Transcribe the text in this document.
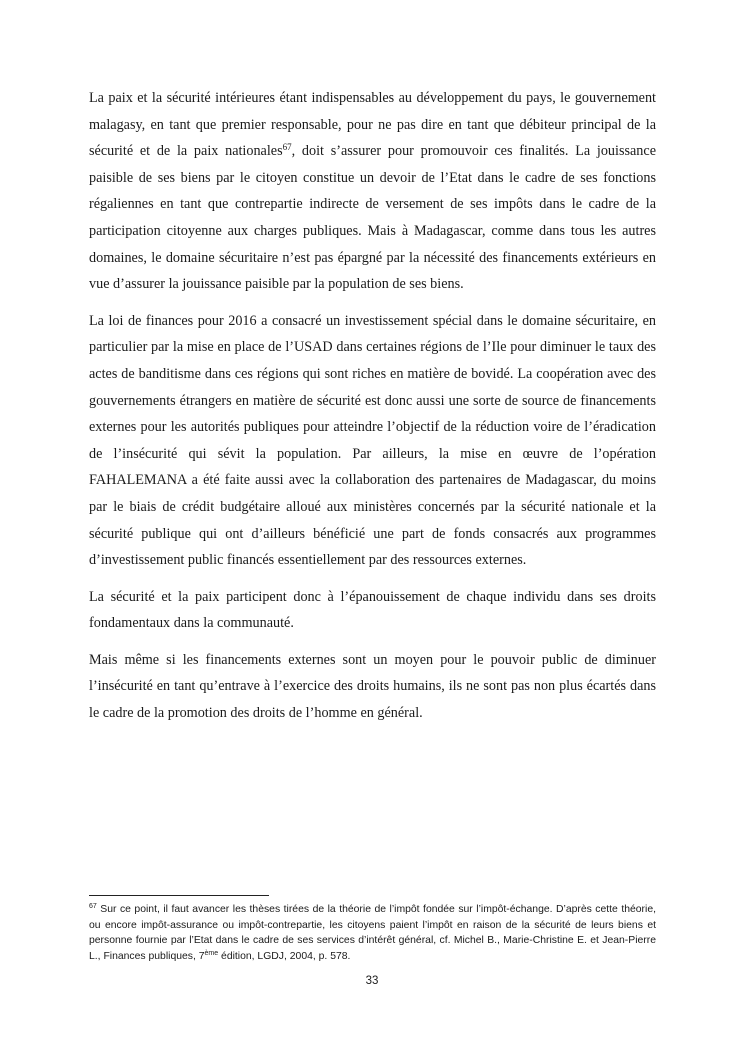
La paix et la sécurité intérieures étant indispensables au développement du pays, le gouvernement malagasy, en tant que premier responsable, pour ne pas dire en tant que débiteur principal de la sécurité et de la paix nationales$^{67}$, doit s’assurer pour promouvoir ces finalités. La jouissance paisible de ses biens par le citoyen constitue un devoir de l’Etat dans le cadre de ses fonctions régaliennes en tant que contrepartie indirecte de versement de ses impôts dans le cadre de la participation citoyenne aux charges publiques. Mais à Madagascar, comme dans tous les autres domaines, le domaine sécuritaire n’est pas épargné par la nécessité des financements extérieurs en vue d’assurer la jouissance paisible par la population de ses biens.

La loi de finances pour 2016 a consacré un investissement spécial dans le domaine sécuritaire, en particulier par la mise en place de l’USAD dans certaines régions de l’Ile pour diminuer le taux des actes de banditisme dans ces régions qui sont riches en matière de bovidé. La coopération avec des gouvernements étrangers en matière de sécurité est donc aussi une sorte de source de financements externes pour les autorités publiques pour atteindre l’objectif de la réduction voire de l’éradication de l’insécurité qui sévit la population. Par ailleurs, la mise en œuvre de l’opération FAHALEMANA a été faite aussi avec la collaboration des partenaires de Madagascar, du moins par le biais de crédit budgétaire alloué aux ministères concernés par la sécurité nationale et la sécurité publique qui ont d’ailleurs bénéficié une part de fonds consacrés aux programmes d’investissement public financés essentiellement par des ressources externes.

La sécurité et la paix participent donc à l’épanouissement de chaque individu dans ses droits fondamentaux dans la communauté.

Mais même si les financements externes sont un moyen pour le pouvoir public de diminuer l’insécurité en tant qu’entrave à l’exercice des droits humains, ils ne sont pas non plus écartés dans le cadre de la promotion des droits de l’homme en général.

$^{67}$ Sur ce point, il faut avancer les thèses tirées de la théorie de l’impôt fondée sur l’impôt-échange. D’après cette théorie, ou encore impôt-assurance ou impôt-contrepartie, les citoyens paient l’impôt en raison de la sécurité de leurs biens et personne fournie par l’Etat dans le cadre de ses services d’intérêt général, cf. Michel B., Marie-Christine E. et Jean-Pierre L., Finances publiques, 7ème édition, LGDJ, 2004, p. 578.

33
